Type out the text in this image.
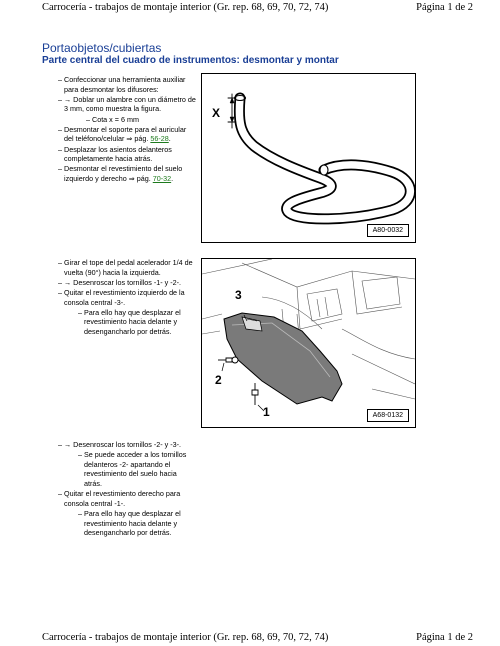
Carrocería - trabajos de montaje interior (Gr. rep. 68, 69, 70, 72, 74)	Página 1 de 2
Portaobjetos/cubiertas
Parte central del cuadro de instrumentos: desmontar y montar
– Confeccionar una herramienta auxiliar para desmontar los difusores:
– → Doblar un alambre con un diámetro de 3 mm, como muestra la figura.
– Cota x = 6 mm
– Desmontar el soporte para el auricular del teléfono/celular ⇒ pág. 56-28.
– Desplazar los asientos delanteros completamente hacia atrás.
– Desmontar el revestimiento del suelo izquierdo y derecho ⇒ pág. 70-32.
X
A80-0032
– Girar el tope del pedal acelerador 1/4 de vuelta (90°) hacia la izquierda.
– → Desenroscar los tornillos -1- y -2-.
– Quitar el revestimiento izquierdo de la consola central -3-.
– Para ello hay que desplazar el revestimiento hacia delante y desengancharlo por detrás.
3
2
1	A68-0132
– → Desenroscar los tornillos -2- y -3-.
– Se puede acceder a los tornillos delanteros -2- apartando el revestimiento del suelo hacia atrás.
– Quitar el revestimiento derecho para consola central -1-.
– Para ello hay que desplazar el revestimiento hacia delante y desengancharlo por detrás.
Carrocería - trabajos de montaje interior (Gr. rep. 68, 69, 70, 72, 74)	Página 1 de 2
